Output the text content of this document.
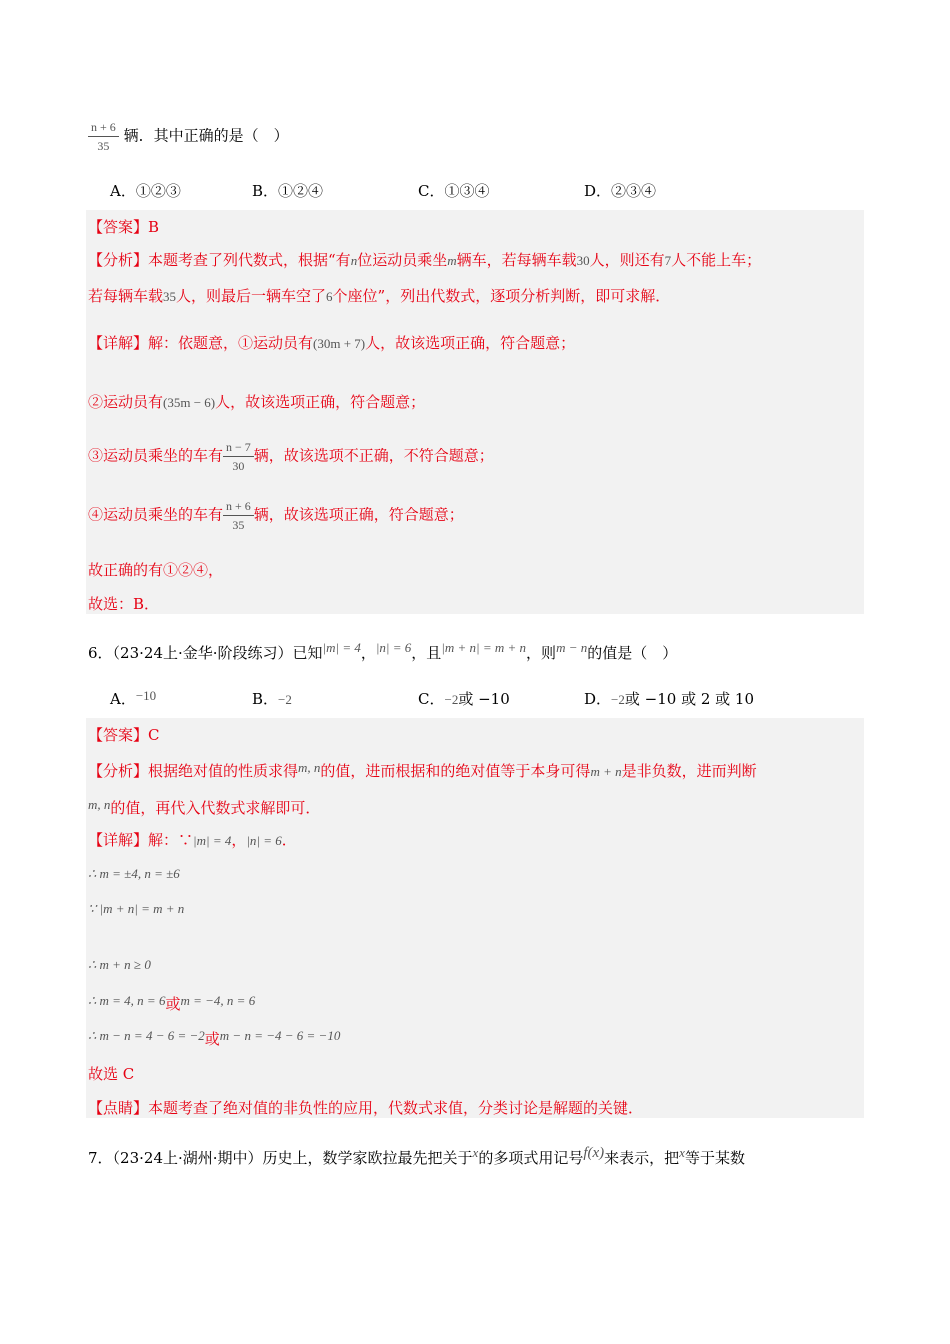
$\frac{n + 6}{35}$ 辆．其中正确的是（　）
A．①②③	B．①②④	C．①③④	D．②③④
【答案】B
【分析】本题考查了列代数式，根据“有n位运动员乘坐m辆车，若每辆车载30人，则还有7人不能上车；
若每辆车载35人，则最后一辆车空了6个座位”，列出代数式，逐项分析判断，即可求解．
【详解】解：依题意，①运动员有(30m + 7)人，故该选项正确，符合题意；
②运动员有(35m − 6)人，故该选项正确，符合题意；
③运动员乘坐的车有 $\frac{n - 7}{30}$ 辆，故该选项不正确，不符合题意；
④运动员乘坐的车有 $\frac{n + 6}{35}$ 辆，故该选项正确，符合题意；
故正确的有①②④，
故选：B．
6．（23·24上·金华·阶段练习）已知|m| = 4，|n| = 6，且|m + n| = m + n，则m − n的值是（　）
A．−10	B．−2	C．−2或 −10	D．−2或 −10 或 2 或 10
【答案】C
【分析】根据绝对值的性质求得m, n的值，进而根据和的绝对值等于本身可得m + n是非负数，进而判断
m, n的值，再代入代数式求解即可．
【详解】解：∵|m| = 4，|n| = 6．
∴ m = ±4, n = ±6
∵ |m + n| = m + n
∴ m + n ≥ 0
∴ m = 4, n = 6或m = −4, n = 6
∴ m − n = 4 − 6 = −2或m − n = −4 − 6 = −10
故选 C
【点睛】本题考查了绝对值的非负性的应用，代数式求值，分类讨论是解题的关键．
7．（23·24上·湖州·期中）历史上，数学家欧拉最先把关于x的多项式用记号f(x)来表示，把x等于某数
